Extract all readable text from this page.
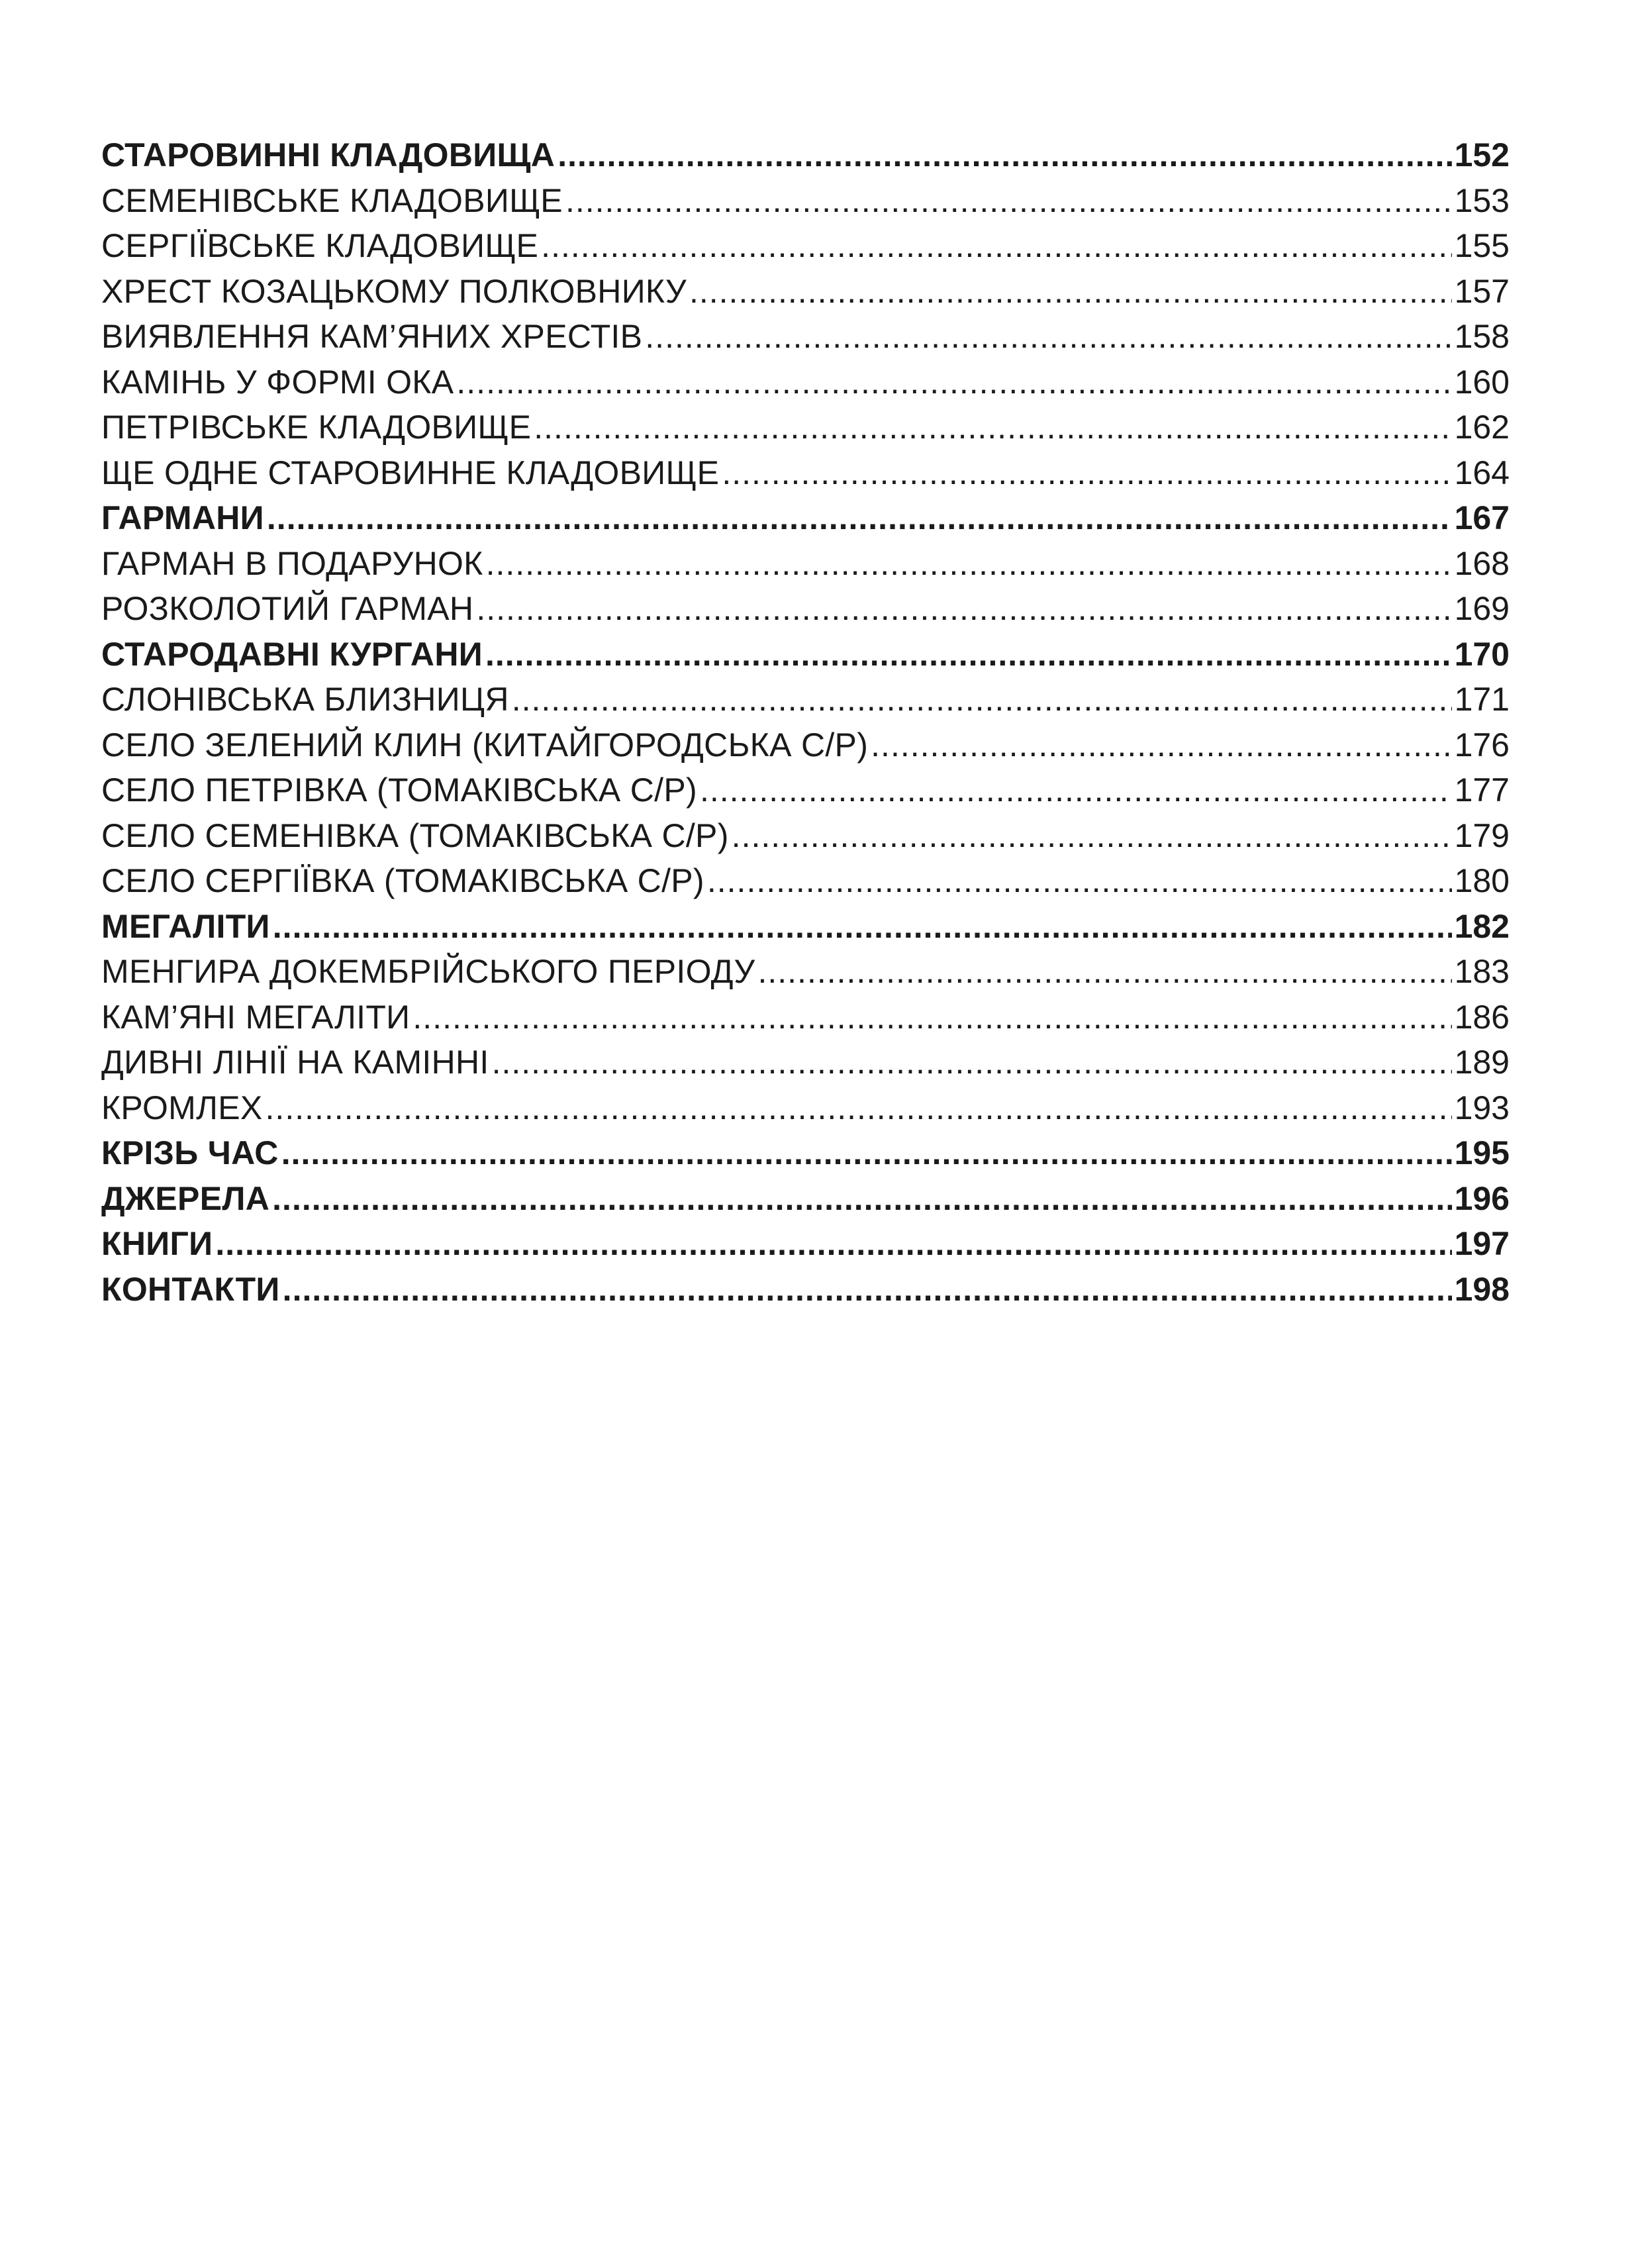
СТАРОВИННІ КЛАДОВИЩА .....	152
СЕМЕНІВСЬКЕ КЛАДОВИЩЕ .....	153
СЕРГІЇВСЬКЕ КЛАДОВИЩЕ .....	155
ХРЕСТ КОЗАЦЬКОМУ ПОЛКОВНИКУ .....	157
ВИЯВЛЕННЯ КАМ’ЯНИХ ХРЕСТІВ .....	158
КАМІНЬ У ФОРМІ ОКА .....	160
ПЕТРІВСЬКЕ КЛАДОВИЩЕ .....	162
ЩЕ ОДНЕ СТАРОВИННЕ КЛАДОВИЩЕ .....	164
ГАРМАНИ .....	167
ГАРМАН В ПОДАРУНОК .....	168
РОЗКОЛОТИЙ ГАРМАН .....	169
СТАРОДАВНІ КУРГАНИ .....	170
СЛОНІВСЬКА БЛИЗНИЦЯ .....	171
СЕЛО ЗЕЛЕНИЙ КЛИН (КИТАЙГОРОДСЬКА С/Р) .....	176
СЕЛО ПЕТРІВКА (ТОМАКІВСЬКА С/Р) .....	177
СЕЛО СЕМЕНІВКА (ТОМАКІВСЬКА С/Р) .....	179
СЕЛО СЕРГІЇВКА (ТОМАКІВСЬКА С/Р) .....	180
МЕГАЛІТИ .....	182
МЕНГИРА ДОКЕМБРІЙСЬКОГО ПЕРІОДУ .....	183
КАМ’ЯНІ МЕГАЛІТИ .....	186
ДИВНІ ЛІНІЇ НА КАМІННІ .....	189
КРОМЛЕХ .....	193
КРІЗЬ ЧАС .....	195
ДЖЕРЕЛА .....	196
КНИГИ .....	197
КОНТАКТИ .....	198
